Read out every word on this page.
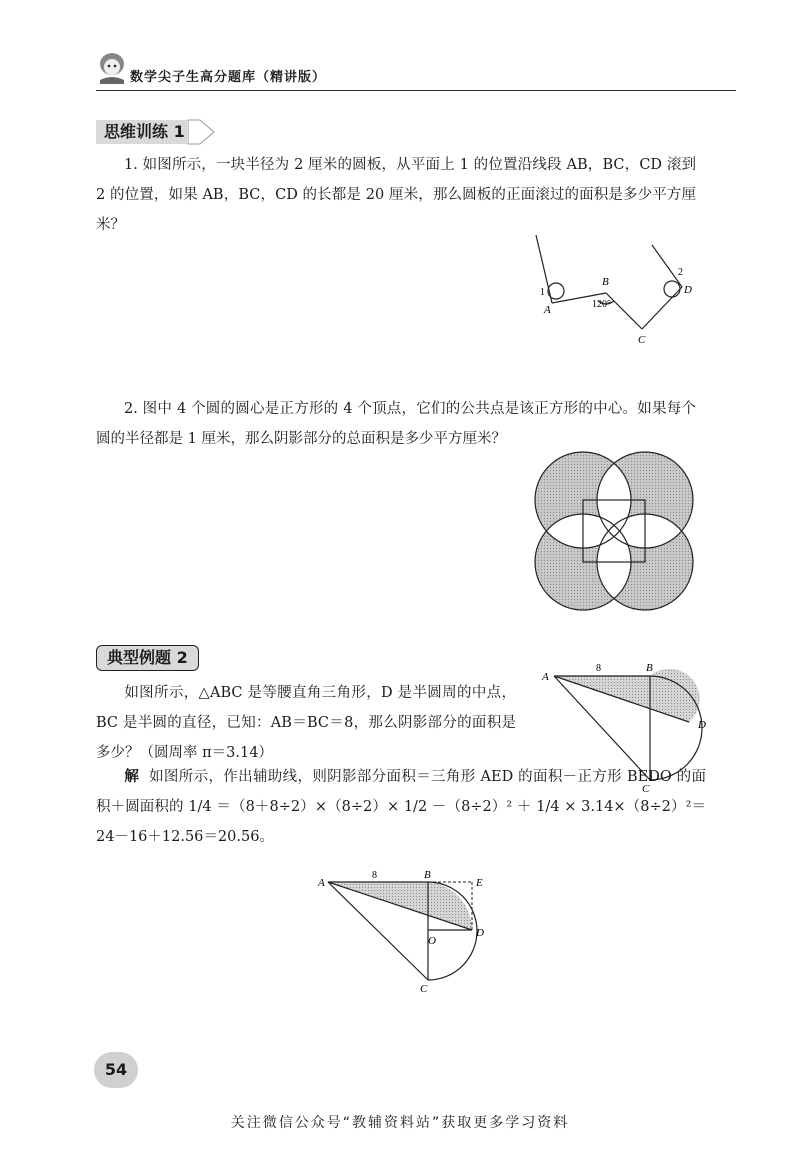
数学尖子生高分题库（精讲版）
思维训练 1
1. 如图所示，一块半径为 2 厘米的圆板，从平面上 1 的位置沿线段 AB，BC，CD 滚到 2 的位置，如果 AB，BC，CD 的长都是 20 厘米，那么圆板的正面滚过的面积是多少平方厘米？
1
A
B
120°
C
D
2
2. 图中 4 个圆的圆心是正方形的 4 个顶点，它们的公共点是该正方形的中心。如果每个圆的半径都是 1 厘米，那么阴影部分的总面积是多少平方厘米？
典型例题 2
如图所示，△ABC 是等腰直角三角形，D 是半圆周的中点，BC 是半圆的直径，已知：AB＝BC＝8，那么阴影部分的面积是多少？（圆周率 π＝3.14）
A
8	B
D
C
解 如图所示，作出辅助线，则阴影部分面积＝三角形 AED 的面积－正方形 BEDO 的面积＋圆面积的 1/4 ＝（8＋8÷2）×（8÷2）× 1/2 －（8÷2）² ＋ 1/4 × 3.14×（8÷2）²＝24－16＋12.56＝20.56。
A
8	B
E
O
D
C
54
关注微信公众号“教辅资料站”获取更多学习资料
